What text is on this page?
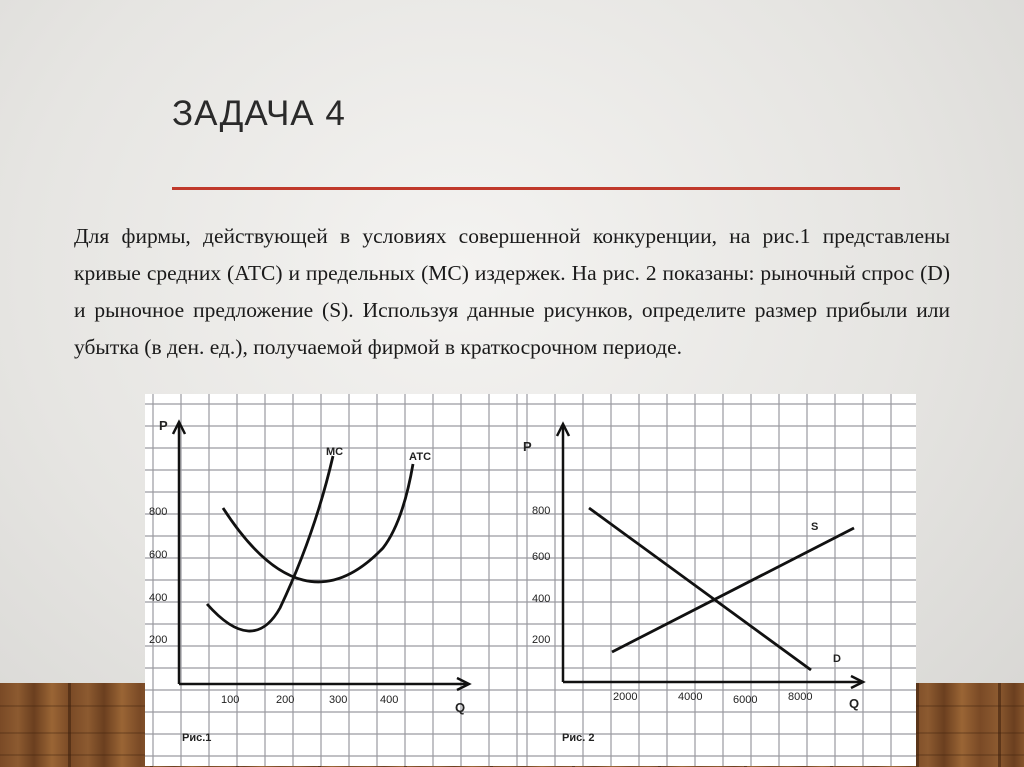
ЗАДАЧА 4

Для фирмы, действующей в условиях совершенной конкуренции, на рис.1 представлены кривые средних (АТС) и предельных (МС) издержек. На рис. 2 показаны: рыночный спрос (D) и рыночное предложение (S). Используя данные рисунков, определите размер прибыли или убытка (в ден. ед.), получаемой фирмой в краткосрочном периоде.

P
Q
800
600
400
200
100	200	300	400
МС	АТС
Рис.1
P
Q
800
600
400
200
2000	4000	6000	8000
S
D
Рис. 2
